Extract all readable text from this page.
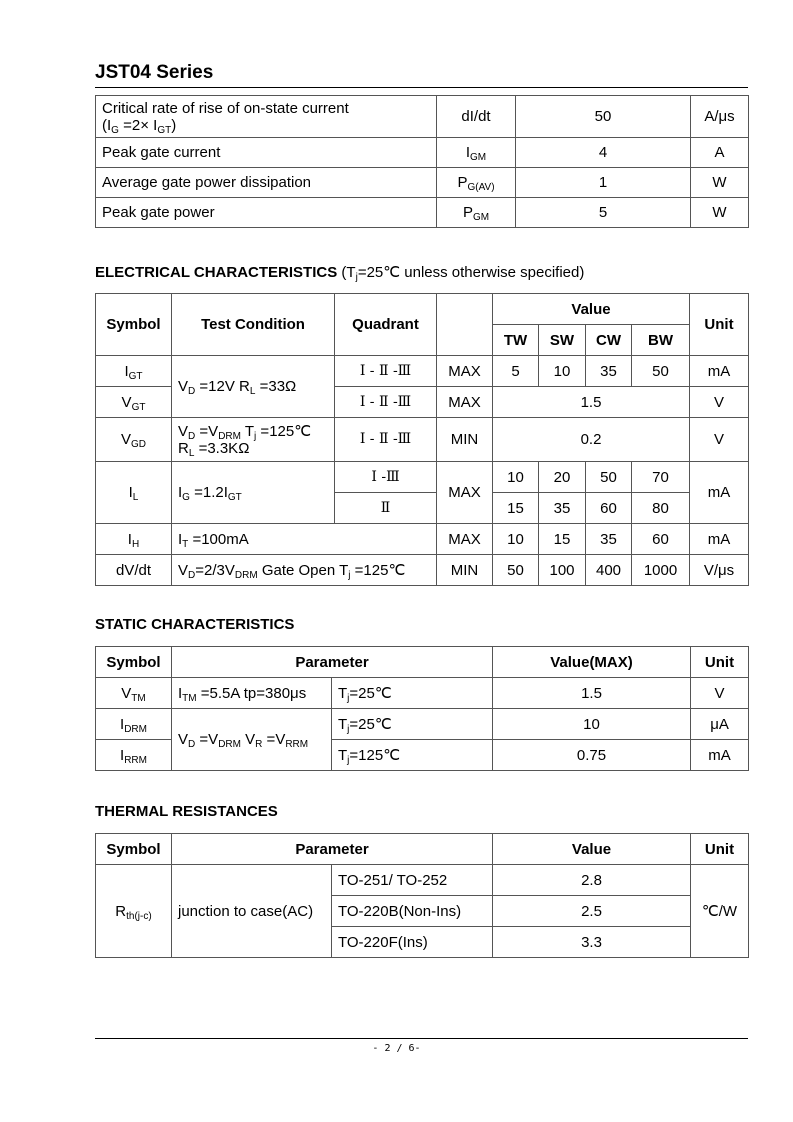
JST04 Series
Critical rate of rise of on-state current
$(I_G =2\times I_{GT})$	dI/dt	50	A/μs
Peak gate current	$I_{GM}$	4	A
Average gate power dissipation	$P_{G(AV)}$	1	W
Peak gate power	$P_{GM}$	5	W
ELECTRICAL CHARACTERISTICS ($T_j=25℃$ unless otherwise specified)
Symbol	Test Condition	Quadrant		Value				Unit
				TW	SW	CW	BW	
$I_{GT}$	$V_D =12V$ $R_L =33\Omega$	Ⅰ - Ⅱ -Ⅲ	MAX	5	10	35	50	mA
$V_{GT}$		Ⅰ - Ⅱ -Ⅲ	MAX	1.5				V
$V_{GD}$	$V_D =V_{DRM}$ $T_j$ =125℃
$R_L =3.3K\Omega$	Ⅰ - Ⅱ -Ⅲ	MIN	0.2				V
$I_L$	$I_G =1.2I_{GT}$	Ⅰ -Ⅲ	MAX	10	20	50	70	mA
		Ⅱ		15	35	60	80	
$I_H$	$I_T =100mA$		MAX	10	15	35	60	mA
dV/dt	$V_D=2/3V_{DRM}$ Gate Open $T_j$ =125℃		MIN	50	100	400	1000	V/μs
STATIC CHARACTERISTICS
Symbol	Parameter		Value(MAX)	Unit
$V_{TM}$	$I_{TM} =5.5A$ tp=380μs	$T_j=25℃$	1.5	V
$I_{DRM}$	$V_D =V_{DRM}$ $V_R =V_{RRM}$	$T_j=25℃$	10	μA
$I_{RRM}$		$T_j=125℃$	0.75	mA
THERMAL RESISTANCES
Symbol	Parameter		Value	Unit
$R_{th(j-c)}$	junction to case(AC)	TO-251/ TO-252	2.8	℃/W
		TO-220B(Non-Ins)	2.5	
		TO-220F(Ins)	3.3	
- 2 / 6-
